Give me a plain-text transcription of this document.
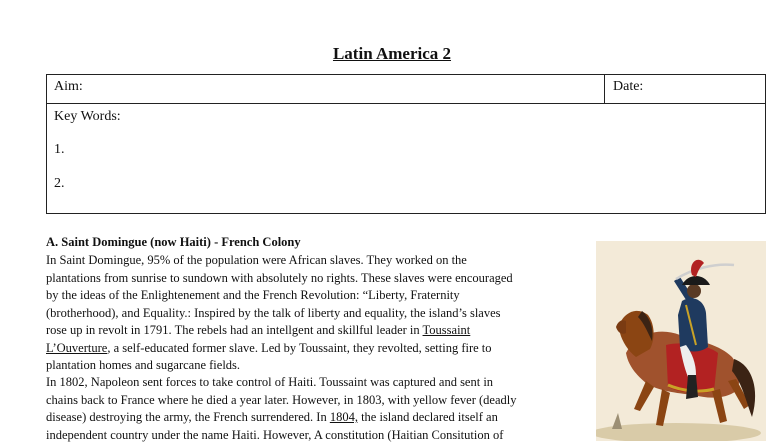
Latin America 2
Aim:	Date:
Key Words:
1.
2.
A. Saint Domingue (now Haiti) - French Colony
In Saint Domingue, 95% of the population were African slaves. They worked on the
plantations from sunrise to sundown with absolutely no rights. These slaves were encouraged
by the ideas of the Enlightenement and the French Revolution: “Liberty, Fraternity
(brotherhood), and Equality.: Inspired by the talk of liberty and equality, the island’s slaves
rose up in revolt in 1791. The rebels had an intellgent and skillful leader in Toussaint
L’Ouverture, a self-educated former slave. Led by Toussaint, they revolted, setting fire to
plantation homes and sugarcane fields.
In 1802, Napoleon sent forces to take control of Haiti. Toussaint was captured and sent in
chains back to France where he died a year later. However, in 1803, with yellow fever (deadly
disease) destroying the army, the French surrendered. In 1804, the island declared itself an
independent country under the name Haiti. However, A constitution (Haitian Consitution of
